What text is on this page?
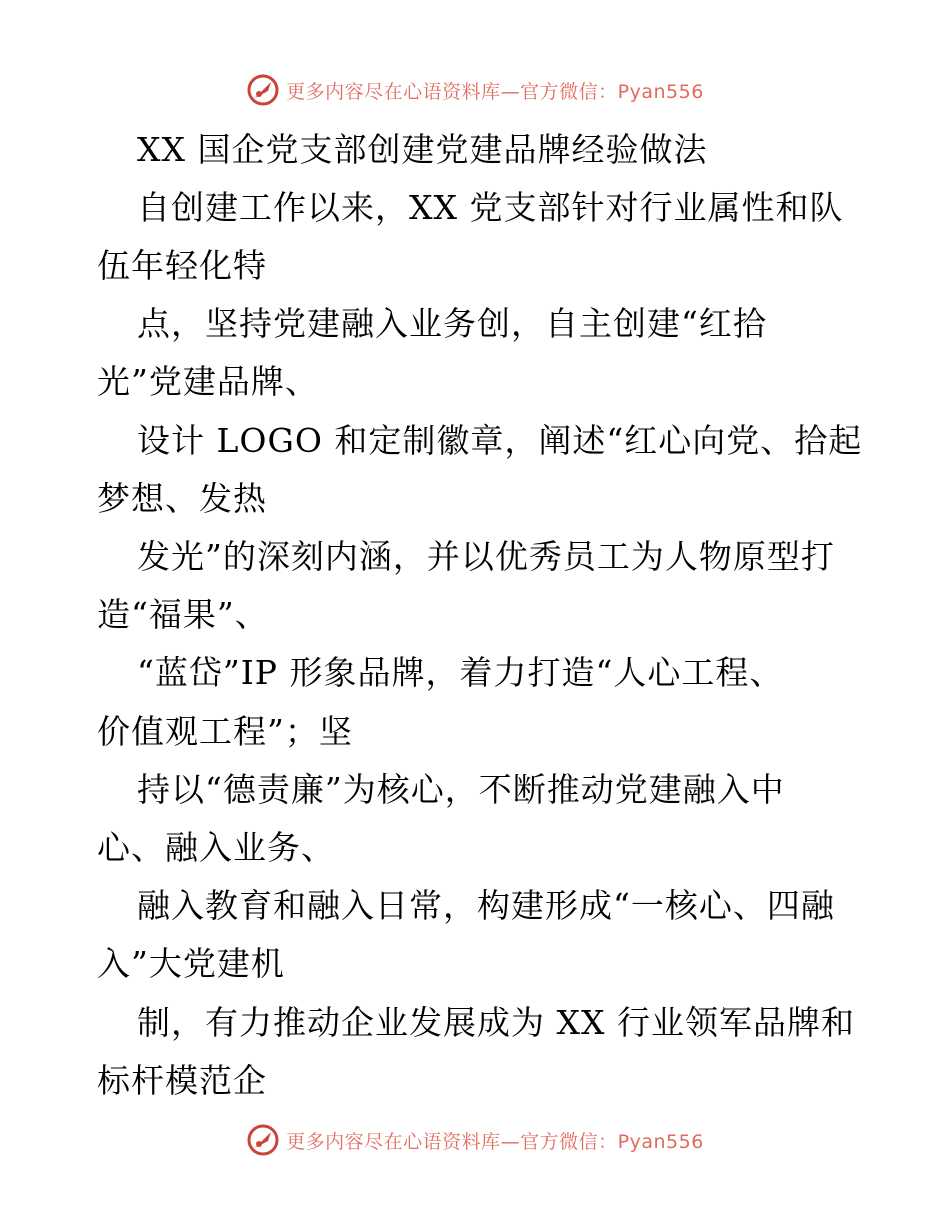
更多内容尽在心语资料库—官方微信：Pyan556
XX 国企党支部创建党建品牌经验做法
自创建工作以来，XX 党支部针对行业属性和队
伍年轻化特
点，坚持党建融入业务创，自主创建“红拾
光”党建品牌、
设计 LOGO 和定制徽章，阐述“红心向党、拾起
梦想、发热
发光”的深刻内涵，并以优秀员工为人物原型打
造“福果”、
“蓝岱”IP 形象品牌，着力打造“人心工程、
价值观工程”；坚
持以“德责廉”为核心，不断推动党建融入中
心、融入业务、
融入教育和融入日常，构建形成“一核心、四融
入”大党建机
制，有力推动企业发展成为 XX 行业领军品牌和
标杆模范企
更多内容尽在心语资料库—官方微信：Pyan556
